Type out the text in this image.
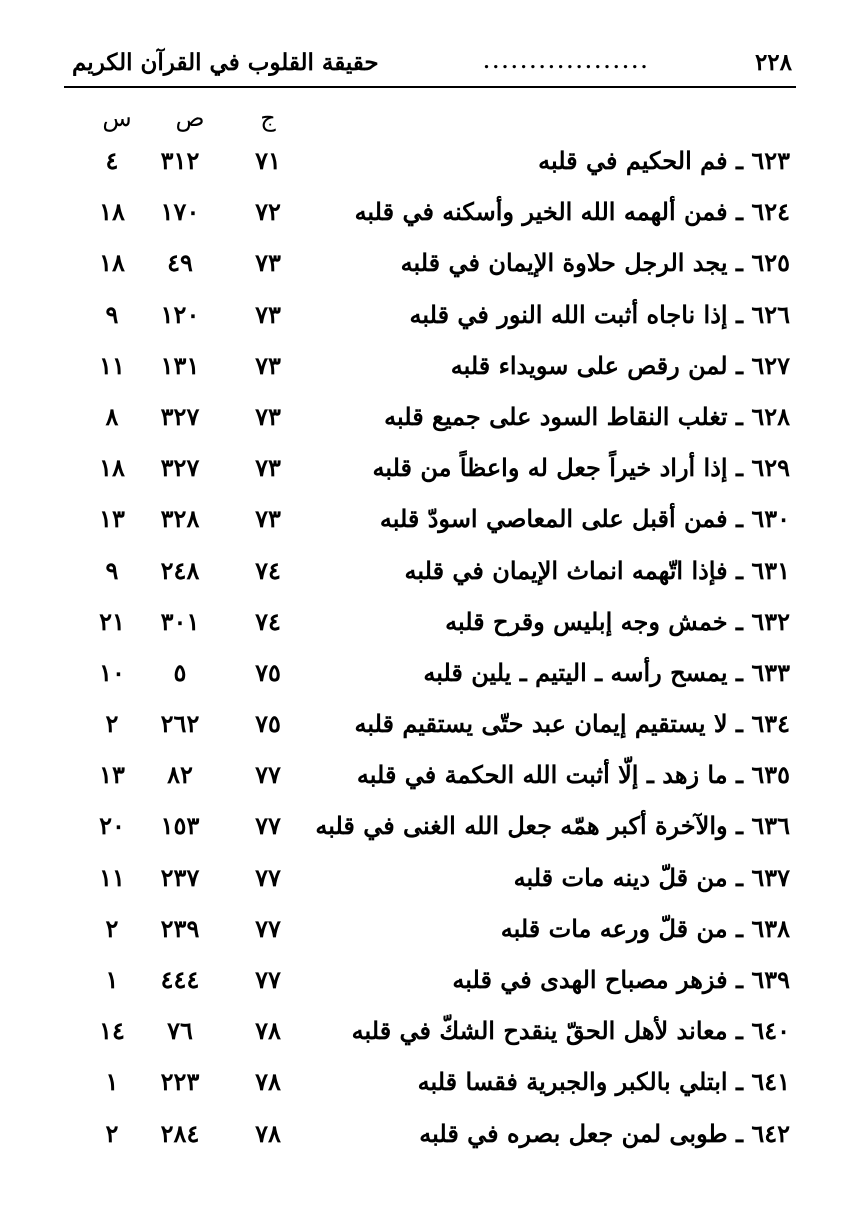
٢٢٨
..................
حقيقة القلوب في القرآن الكريم
ج
ص
س
٦٢٣ ـ فم الحكيم في قلبه
٧١
٣١٢
٤
٦٢٤ ـ فمن ألهمه الله الخير وأسكنه في قلبه
٧٢
١٧٠
١٨
٦٢٥ ـ يجد الرجل حلاوة الإيمان في قلبه
٧٣
٤٩
١٨
٦٢٦ ـ إذا ناجاه أثبت الله النور في قلبه
٧٣
١٢٠
٩
٦٢٧ ـ لمن رقص على سويداء قلبه
٧٣
١٣١
١١
٦٢٨ ـ تغلب النقاط السود على جميع قلبه
٧٣
٣٢٧
٨
٦٢٩ ـ إذا أراد خيراً جعل له واعظاً من قلبه
٧٣
٣٢٧
١٨
٦٣٠ ـ فمن أقبل على المعاصي اسودّ قلبه
٧٣
٣٢٨
١٣
٦٣١ ـ فإذا اتّهمه انماث الإيمان في قلبه
٧٤
٢٤٨
٩
٦٣٢ ـ خمش وجه إبليس وقرح قلبه
٧٤
٣٠١
٢١
٦٣٣ ـ يمسح رأسه ـ اليتيم ـ يلين قلبه
٧٥
٥
١٠
٦٣٤ ـ لا يستقيم إيمان عبد حتّى يستقيم قلبه
٧٥
٢٦٢
٢
٦٣٥ ـ ما زهد ـ إلّا أثبت الله الحكمة في قلبه
٧٧
٨٢
١٣
٦٣٦ ـ والآخرة أكبر همّه جعل الله الغنى في قلبه
٧٧
١٥٣
٢٠
٦٣٧ ـ من قلّ دينه مات قلبه
٧٧
٢٣٧
١١
٦٣٨ ـ من قلّ ورعه مات قلبه
٧٧
٢٣٩
٢
٦٣٩ ـ فزهر مصباح الهدى في قلبه
٧٧
٤٤٤
١
٦٤٠ ـ معاند لأهل الحقّ ينقدح الشكّ في قلبه
٧٨
٧٦
١٤
٦٤١ ـ ابتلي بالكبر والجبرية فقسا قلبه
٧٨
٢٢٣
١
٦٤٢ ـ طوبى لمن جعل بصره في قلبه
٧٨
٢٨٤
٢
